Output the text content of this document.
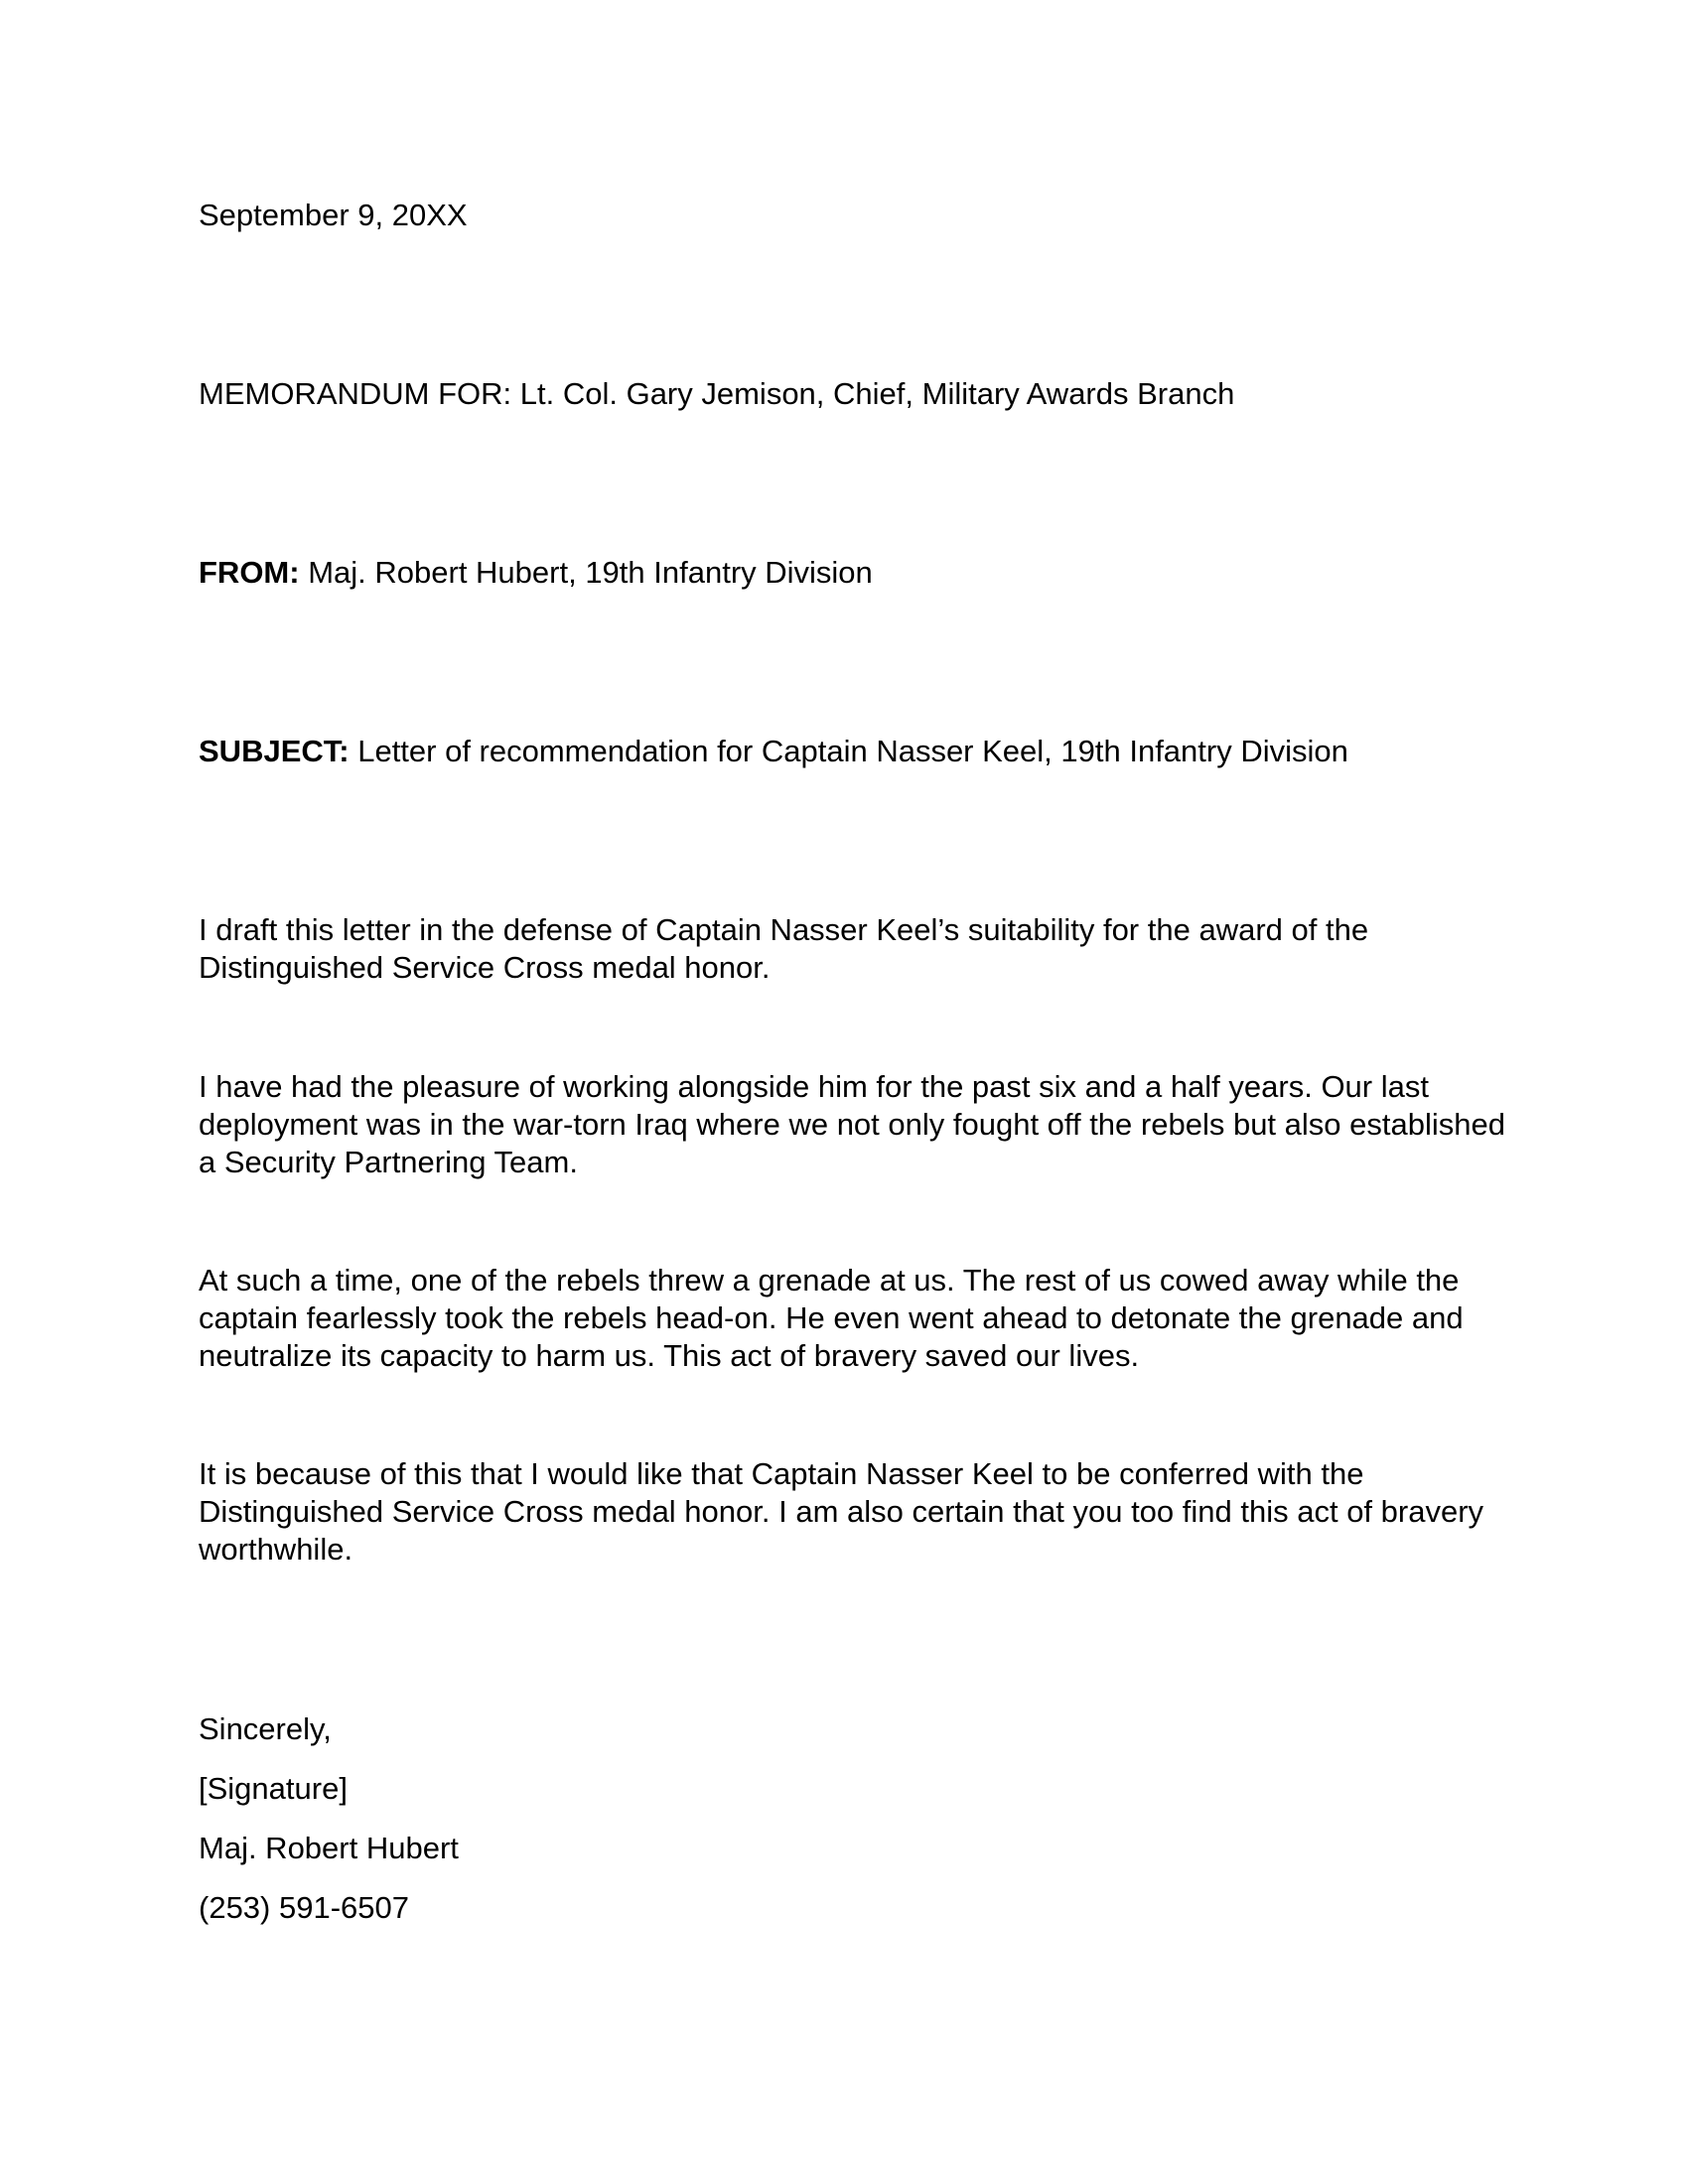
September 9, 20XX

MEMORANDUM FOR: Lt. Col. Gary Jemison, Chief, Military Awards Branch

FROM: Maj. Robert Hubert, 19th Infantry Division

SUBJECT: Letter of recommendation for Captain Nasser Keel, 19th Infantry Division

I draft this letter in the defense of Captain Nasser Keel’s suitability for the award of the Distinguished Service Cross medal honor.

I have had the pleasure of working alongside him for the past six and a half years. Our last deployment was in the war-torn Iraq where we not only fought off the rebels but also established a Security Partnering Team.

At such a time, one of the rebels threw a grenade at us. The rest of us cowed away while the captain fearlessly took the rebels head-on. He even went ahead to detonate the grenade and neutralize its capacity to harm us. This act of bravery saved our lives.

It is because of this that I would like that Captain Nasser Keel to be conferred with the Distinguished Service Cross medal honor. I am also certain that you too find this act of bravery worthwhile.

Sincerely,

[Signature]

Maj. Robert Hubert

(253) 591-6507
